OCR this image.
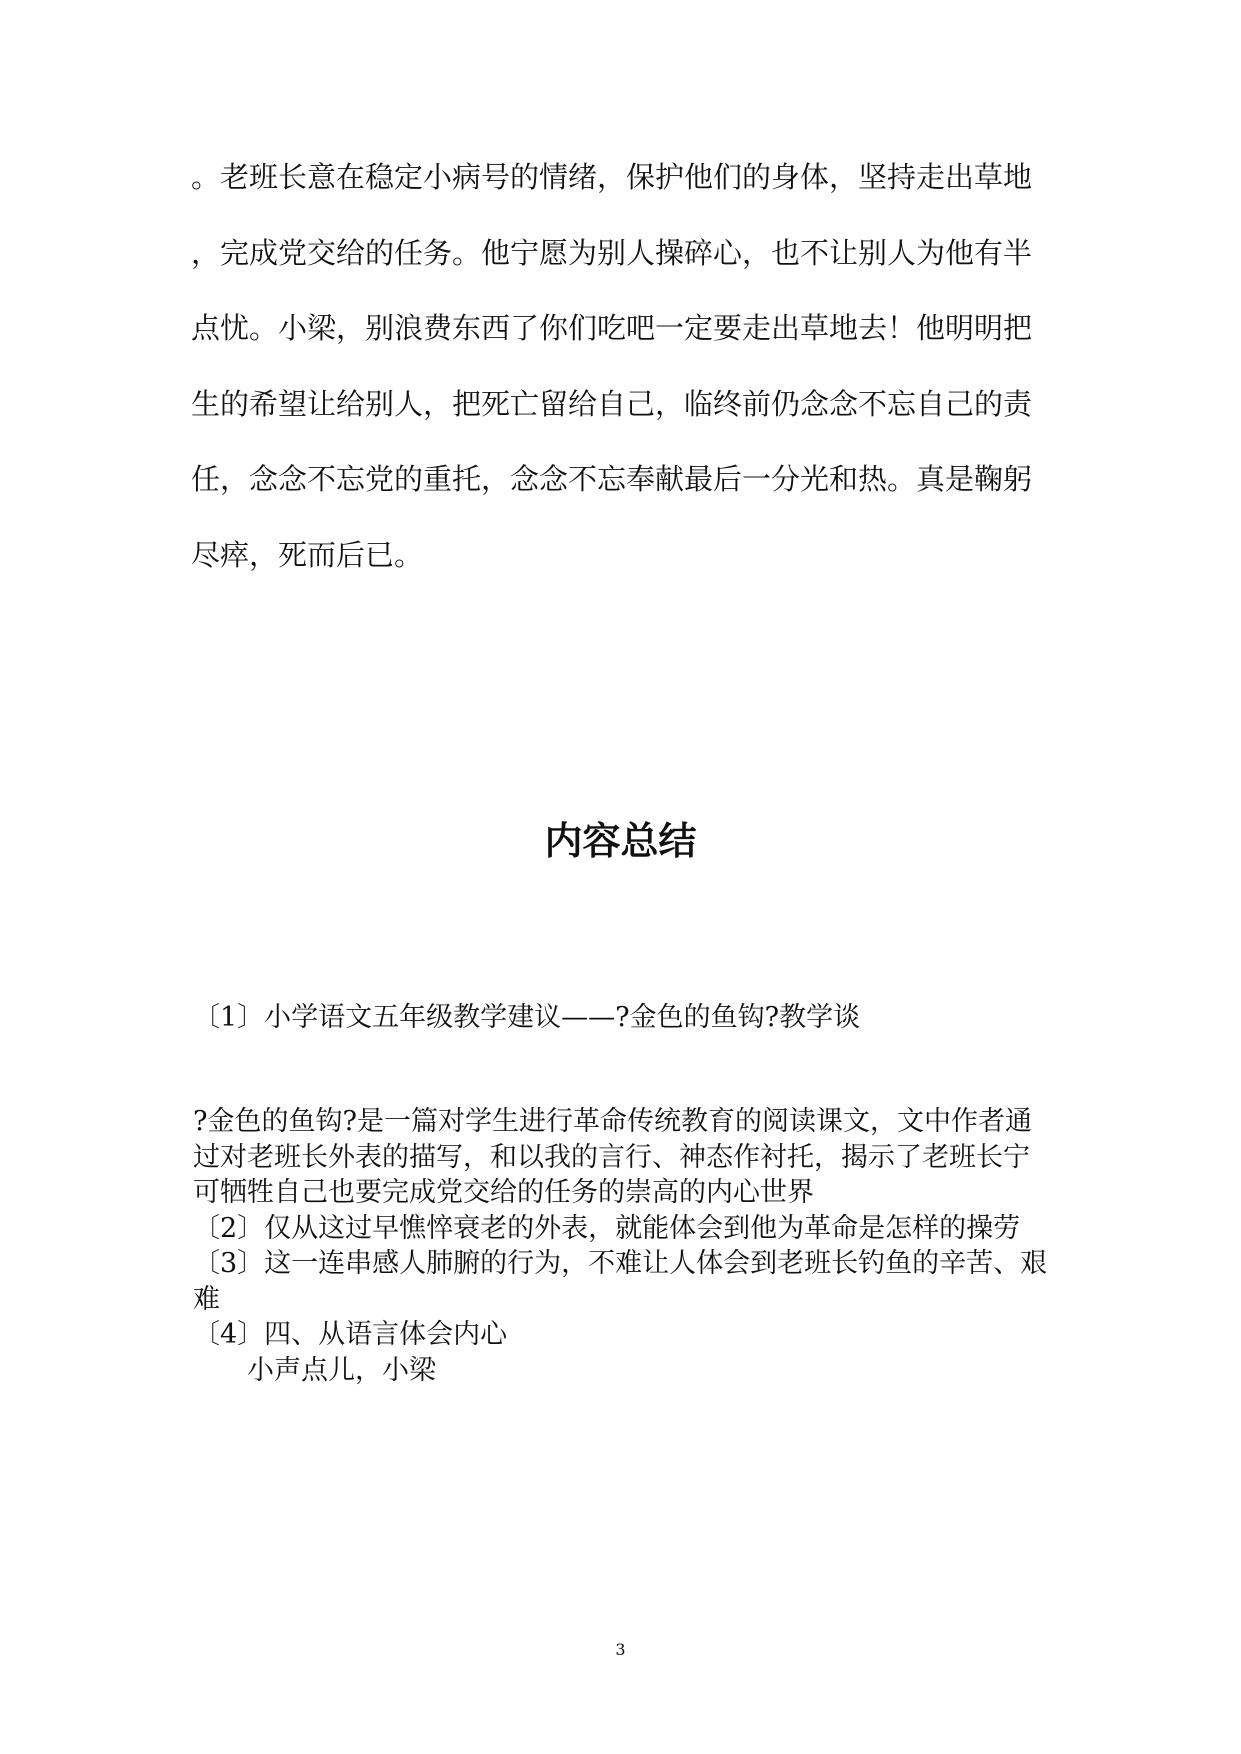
。老班长意在稳定小病号的情绪，保护他们的身体，坚持走出草地
，完成党交给的任务。他宁愿为别人操碎心，也不让别人为他有半
点忧。小梁，别浪费东西了你们吃吧一定要走出草地去！他明明把
生的希望让给别人，把死亡留给自己，临终前仍念念不忘自己的责
任，念念不忘党的重托，念念不忘奉献最后一分光和热。真是鞠躬
尽瘁，死而后已。
内容总结
〔1〕小学语文五年级教学建议——?金色的鱼钩?教学谈
?金色的鱼钩?是一篇对学生进行革命传统教育的阅读课文，文中作者通
过对老班长外表的描写，和以我的言行、神态作衬托，揭示了老班长宁
可牺牲自己也要完成党交给的任务的崇高的内心世界
〔2〕仅从这过早憔悴衰老的外表，就能体会到他为革命是怎样的操劳
〔3〕这一连串感人肺腑的行为，不难让人体会到老班长钓鱼的辛苦、艰
难
〔4〕四、从语言体会内心
小声点儿，小梁
3
